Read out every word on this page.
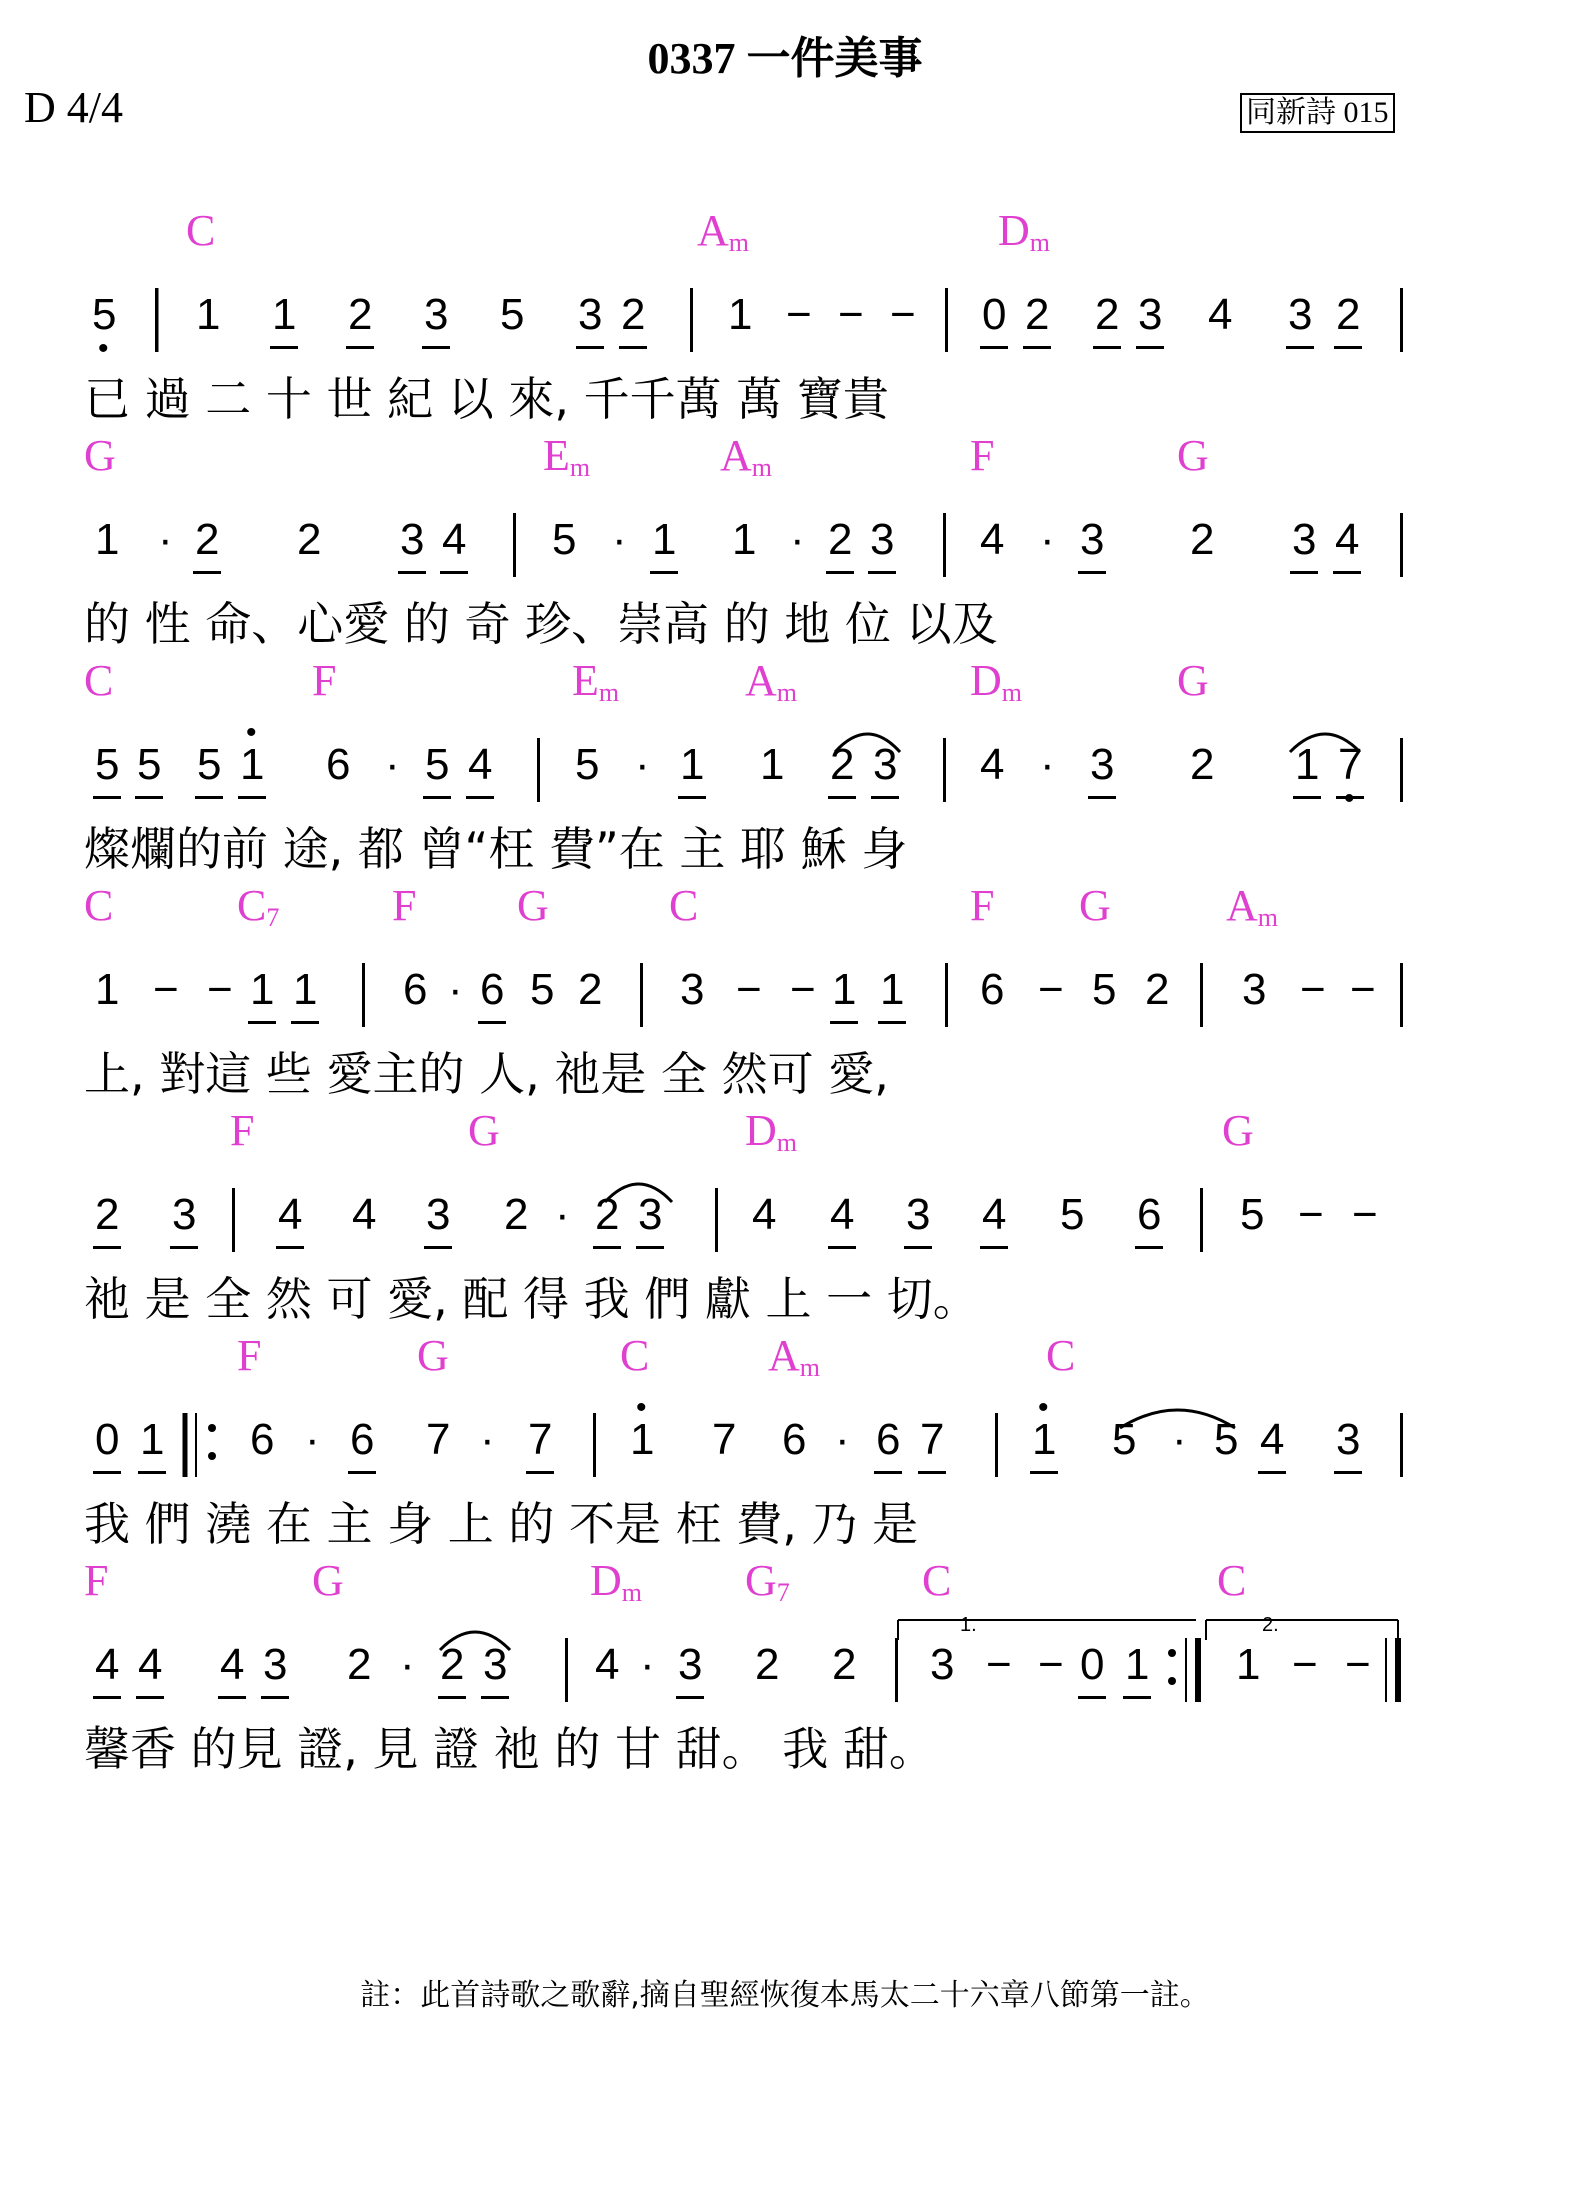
0337 一件美事
D 4/4	同新詩 015
C	$A_m$	$D_m$
5
•
1 1 2 3 5 3 2 1 − − − 0 2 2 3 4 3 2
已 過 二 十 世 紀 以 來, 千千萬 萬 寶貴
G	$E_m$	$A_m$	F	G
1 · 2 2 3 4 5 · 1 1 · 2 3 4 · 3 2 3 4
的 性 命、心愛 的 奇 珍、崇高 的 地 位 以及
C	F	$E_m$	$A_m$	$D_m$	G
5 5 5 1
•
6 · 5 4 5 · 1 1 2 3 4 · 3 2 1 7
•
燦爛的前 途, 都 曾“枉 費”在 主 耶 穌 身
C	$C_7$	F G	C	F G	$A_m$
1 − − 1 1 6 · 6 5 2 3 − − 1 1 6 − 5 2 3 − −
上, 對這 些 愛主的 人, 祂是 全 然可 愛,
F	G	$D_m$	G
2 3 4 4 3 2 · 2 3 4 4 3 4 5 6 5 − −
祂 是 全 然 可 愛, 配 得 我 們 獻 上 一 切。
F	G	C	$A_m$	C
0 1 6 · 6 7 · 7 1
•
7 6 · 6 7 1
•
5 · 5 4 3
我 們 澆 在 主 身 上 的 不是 枉 費, 乃 是
F	G	$D_m$ $G_7$	C	C
4 4 4 3 2 · 2 3 4 · 3 2 2 3 − − 0 1 1 − −
馨香 的見 證, 見 證 祂 的 甘 甜。 我 甜。
註：此首詩歌之歌辭,摘自聖經恢復本馬太二十六章八節第一註。
1.	2.
